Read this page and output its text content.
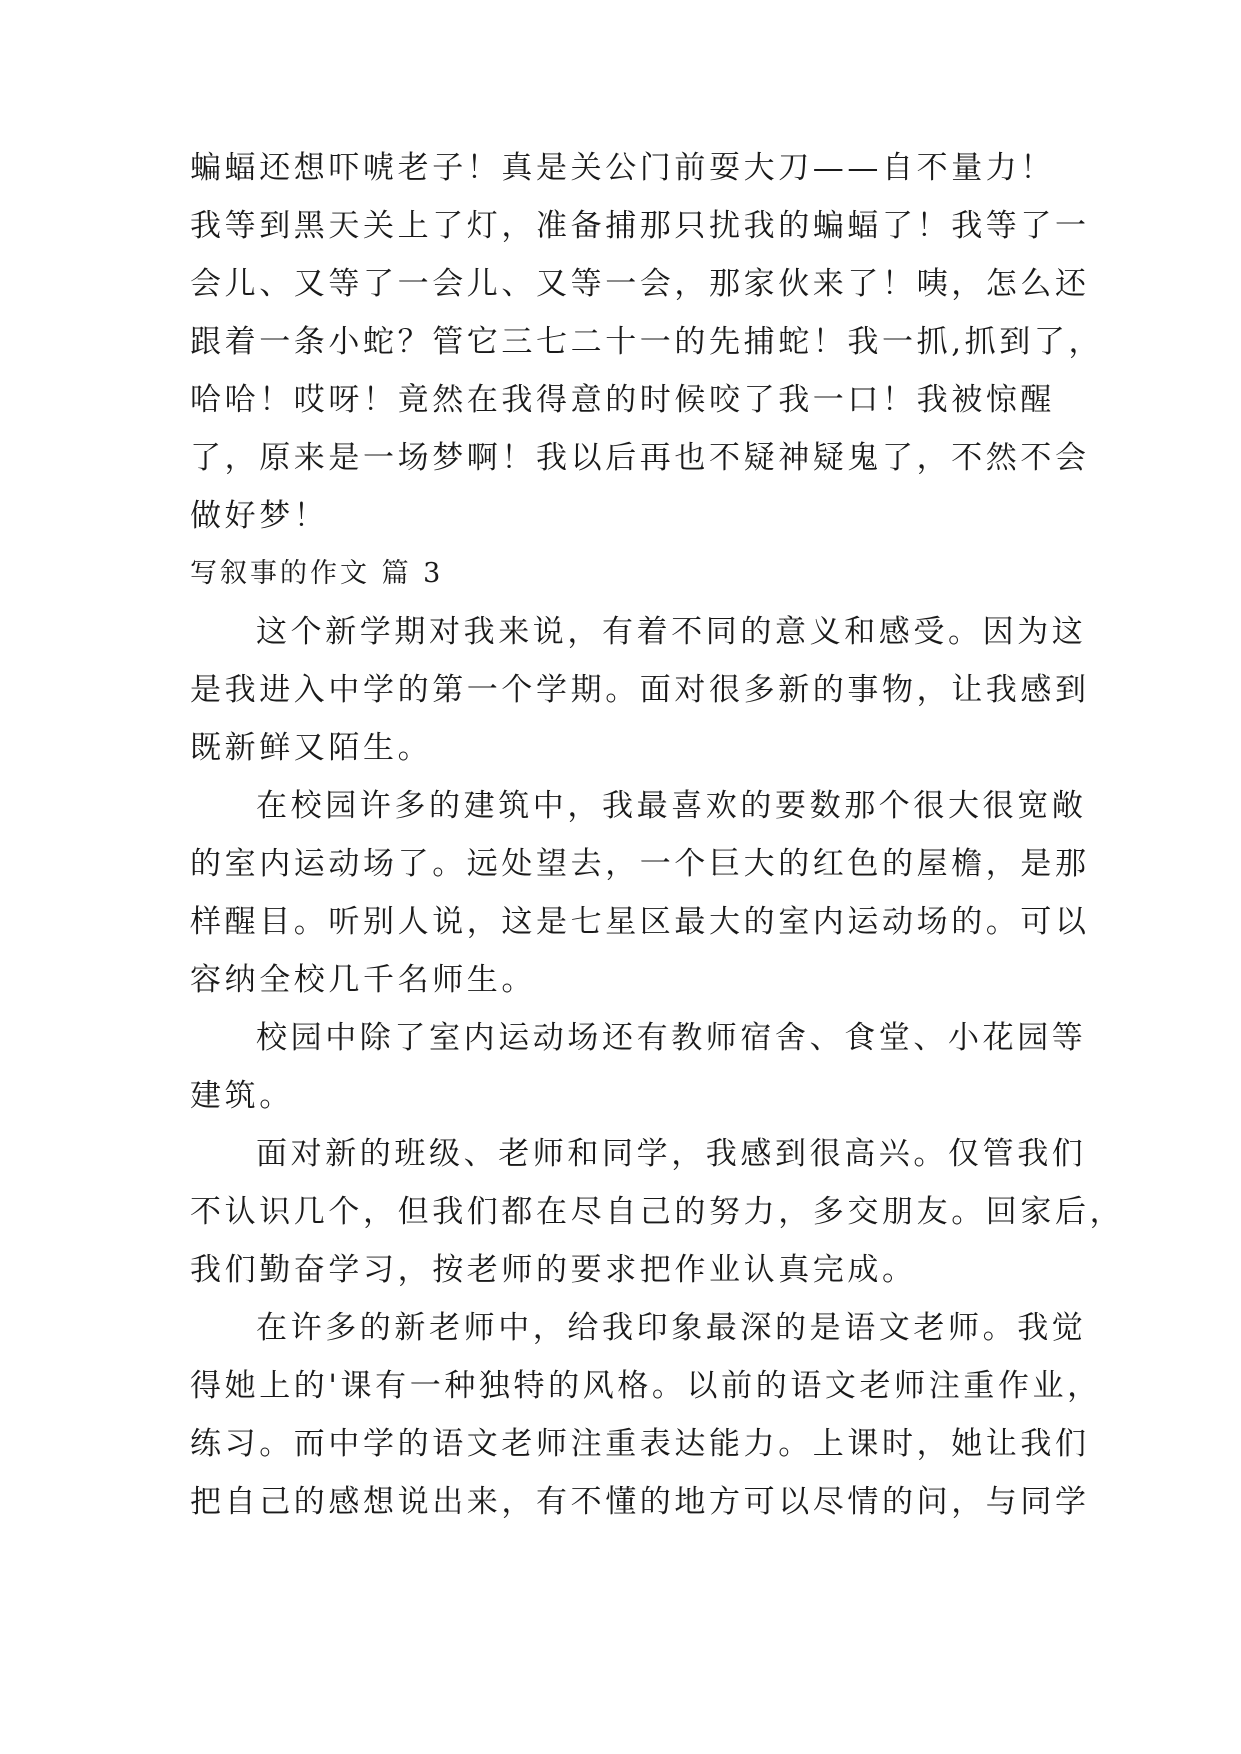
蝙蝠还想吓唬老子！真是关公门前耍大刀——自不量力！
我等到黑天关上了灯，准备捕那只扰我的蝙蝠了！我等了一
会儿、又等了一会儿、又等一会，那家伙来了！咦，怎么还
跟着一条小蛇？管它三七二十一的先捕蛇！我一抓,抓到了，
哈哈！哎呀！竟然在我得意的时候咬了我一口！我被惊醒
了，原来是一场梦啊！我以后再也不疑神疑鬼了，不然不会
做好梦！
写叙事的作文 篇 3
这个新学期对我来说，有着不同的意义和感受。因为这
是我进入中学的第一个学期。面对很多新的事物，让我感到
既新鲜又陌生。
在校园许多的建筑中，我最喜欢的要数那个很大很宽敞
的室内运动场了。远处望去，一个巨大的红色的屋檐，是那
样醒目。听别人说，这是七星区最大的室内运动场的。可以
容纳全校几千名师生。
校园中除了室内运动场还有教师宿舍、食堂、小花园等
建筑。
面对新的班级、老师和同学，我感到很高兴。仅管我们
不认识几个，但我们都在尽自己的努力，多交朋友。回家后，
我们勤奋学习，按老师的要求把作业认真完成。
在许多的新老师中，给我印象最深的是语文老师。我觉
得她上的'课有一种独特的风格。以前的语文老师注重作业，
练习。而中学的语文老师注重表达能力。上课时，她让我们
把自己的感想说出来，有不懂的地方可以尽情的问，与同学
